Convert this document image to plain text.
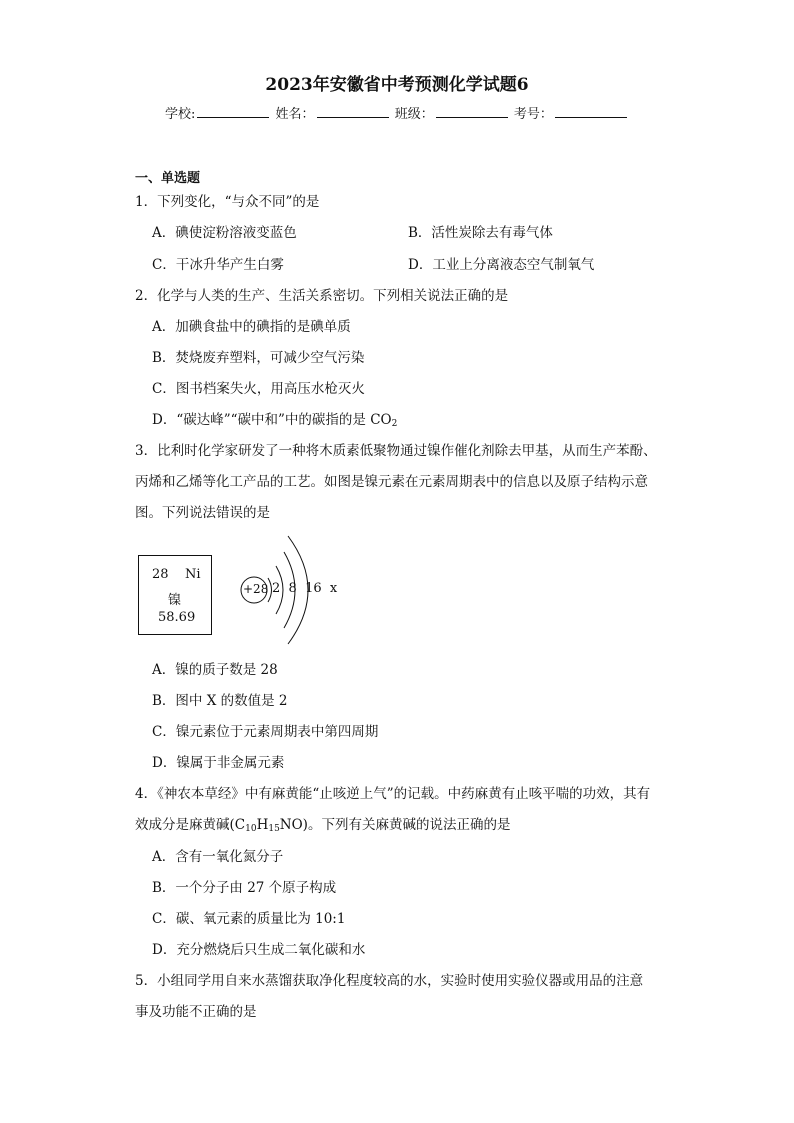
2023年安徽省中考预测化学试题6
学校:	姓名：	班级：	考号：
一、单选题
1．下列变化，“与众不同”的是
A．碘使淀粉溶液变蓝色	B．活性炭除去有毒气体
C．干冰升华产生白雾	D．工业上分离液态空气制氧气
2．化学与人类的生产、生活关系密切。下列相关说法正确的是
A．加碘食盐中的碘指的是碘单质
B．焚烧废弃塑料，可减少空气污染
C．图书档案失火，用高压水枪灭火
D．“碳达峰”“碳中和”中的碳指的是 $CO_2$
3．比利时化学家研发了一种将木质素低聚物通过镍作催化剂除去甲基，从而生产苯酚、
丙烯和乙烯等化工产品的工艺。如图是镍元素在元素周期表中的信息以及原子结构示意
图。下列说法错误的是
28 Ni
镍
58.69
+28 2  8  16  x
A．镍的质子数是 28
B．图中 X 的数值是 2
C．镍元素位于元素周期表中第四周期
D．镍属于非金属元素
4．《神农本草经》中有麻黄能“止咳逆上气”的记载。中药麻黄有止咳平喘的功效，其有
效成分是麻黄碱$(C_{10}H_{15}NO)$。下列有关麻黄碱的说法正确的是
A．含有一氧化氮分子
B．一个分子由 27 个原子构成
C．碳、氧元素的质量比为 10:1
D．充分燃烧后只生成二氧化碳和水
5．小组同学用自来水蒸馏获取净化程度较高的水，实验时使用实验仪器或用品的注意
事及功能不正确的是
